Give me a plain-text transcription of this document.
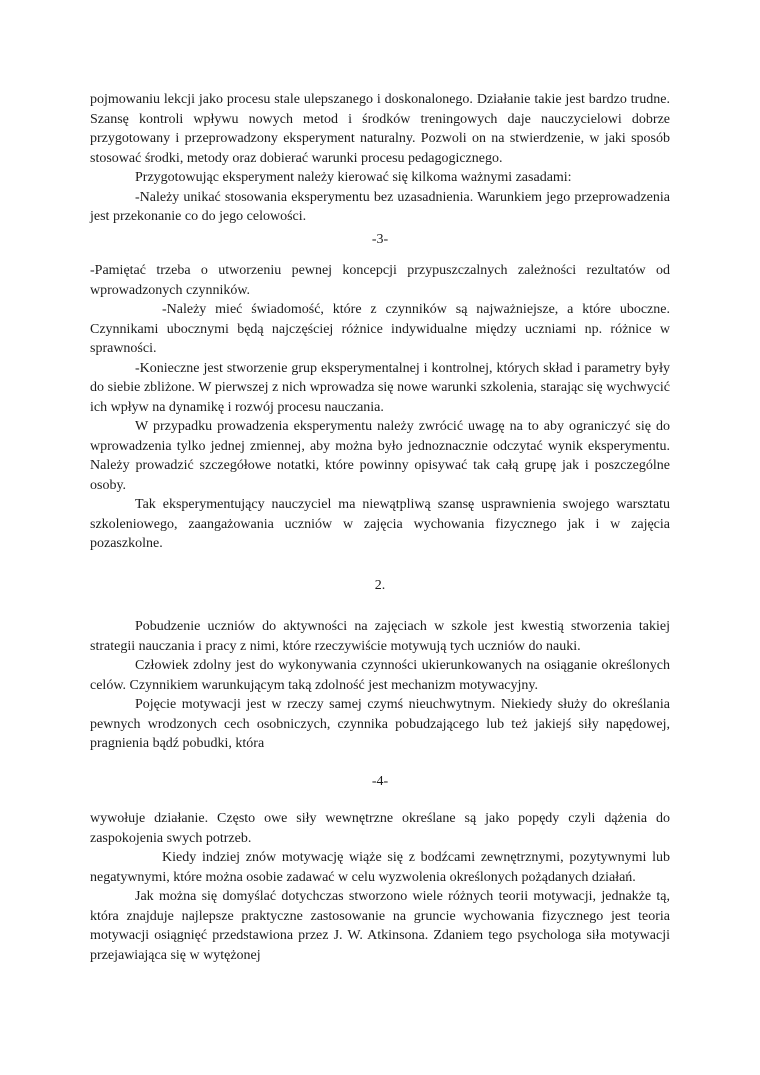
pojmowaniu lekcji jako procesu stale ulepszanego i doskonalonego. Działanie takie jest bardzo trudne. Szansę kontroli wpływu nowych metod i środków treningowych daje nauczycielowi dobrze przygotowany i przeprowadzony eksperyment naturalny. Pozwoli on na stwierdzenie, w jaki sposób stosować środki, metody oraz dobierać warunki procesu pedagogicznego.

Przygotowując eksperyment należy kierować się kilkoma ważnymi zasadami:

-Należy unikać stosowania eksperymentu bez uzasadnienia. Warunkiem jego przeprowadzenia jest przekonanie co do jego celowości.

-3-

-Pamiętać trzeba o utworzeniu pewnej koncepcji przypuszczalnych zależności rezultatów od wprowadzonych czynników.

-Należy mieć świadomość, które z czynników są najważniejsze, a które uboczne. Czynnikami ubocznymi będą najczęściej różnice indywidualne między uczniami np. różnice w sprawności.

-Konieczne jest stworzenie grup eksperymentalnej i kontrolnej, których skład i parametry były do siebie zbliżone. W pierwszej z nich wprowadza się nowe warunki szkolenia, starając się wychwycić ich wpływ na dynamikę i rozwój procesu nauczania.

W przypadku prowadzenia eksperymentu należy zwrócić uwagę na to aby ograniczyć się do wprowadzenia tylko jednej zmiennej, aby można było jednoznacznie odczytać wynik eksperymentu. Należy prowadzić szczegółowe notatki, które powinny opisywać tak całą grupę jak i poszczególne osoby.

Tak eksperymentujący nauczyciel ma niewątpliwą szansę usprawnienia swojego warsztatu szkoleniowego, zaangażowania uczniów w zajęcia wychowania fizycznego jak i w zajęcia pozaszkolne.

2.

Pobudzenie uczniów do aktywności na zajęciach w szkole jest kwestią stworzenia takiej strategii nauczania i pracy z nimi, które rzeczywiście motywują tych uczniów do nauki.

Człowiek zdolny jest do wykonywania czynności ukierunkowanych na osiąganie określonych celów. Czynnikiem warunkującym taką zdolność jest mechanizm motywacyjny.

Pojęcie motywacji jest w rzeczy samej czymś nieuchwytnym. Niekiedy służy do określania pewnych wrodzonych cech osobniczych, czynnika pobudzającego lub też jakiejś siły napędowej, pragnienia bądź pobudki, która

-4-

wywołuje działanie. Często owe siły wewnętrzne określane są jako popędy czyli dążenia do zaspokojenia swych potrzeb.

Kiedy indziej znów motywację wiąże się z bodźcami zewnętrznymi, pozytywnymi lub negatywnymi, które można osobie zadawać w celu wyzwolenia określonych pożądanych działań.

Jak można się domyślać dotychczas stworzono wiele różnych teorii motywacji, jednakże tą, która znajduje najlepsze praktyczne zastosowanie na gruncie wychowania fizycznego jest teoria motywacji osiągnięć przedstawiona przez J. W. Atkinsona. Zdaniem tego psychologa siła motywacji przejawiająca się w wytężonej
